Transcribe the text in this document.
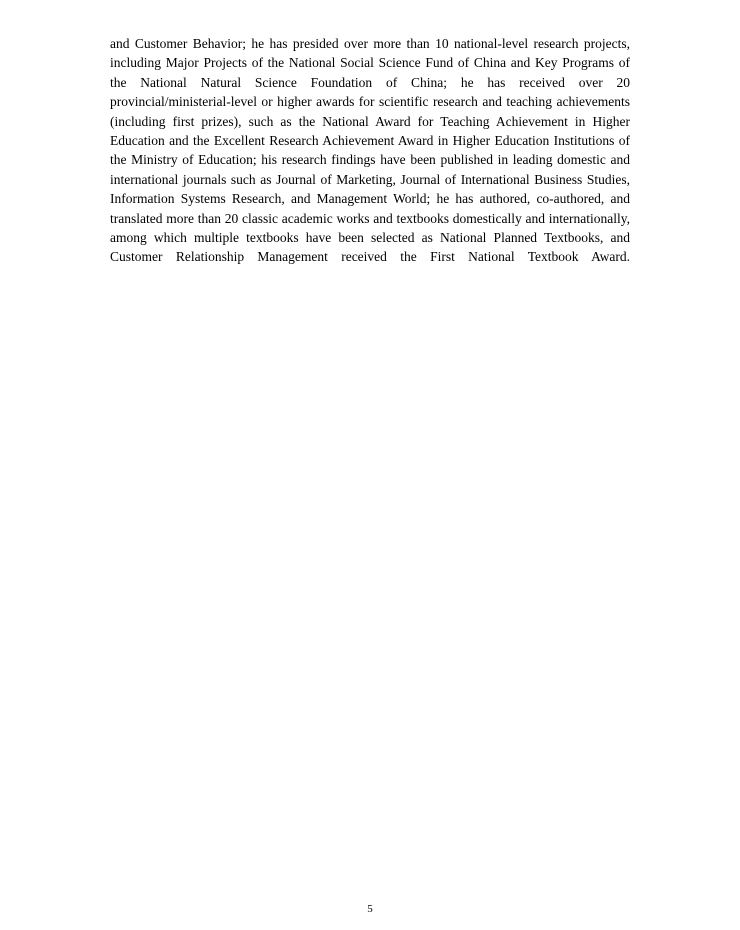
and Customer Behavior; he has presided over more than 10 national-level research projects, including Major Projects of the National Social Science Fund of China and Key Programs of the National Natural Science Foundation of China; he has received over 20 provincial/ministerial-level or higher awards for scientific research and teaching achievements (including first prizes), such as the National Award for Teaching Achievement in Higher Education and the Excellent Research Achievement Award in Higher Education Institutions of the Ministry of Education; his research findings have been published in leading domestic and international journals such as Journal of Marketing, Journal of International Business Studies, Information Systems Research, and Management World; he has authored, co-authored, and translated more than 20 classic academic works and textbooks domestically and internationally, among which multiple textbooks have been selected as National Planned Textbooks, and Customer Relationship Management received the First National Textbook Award.

5
